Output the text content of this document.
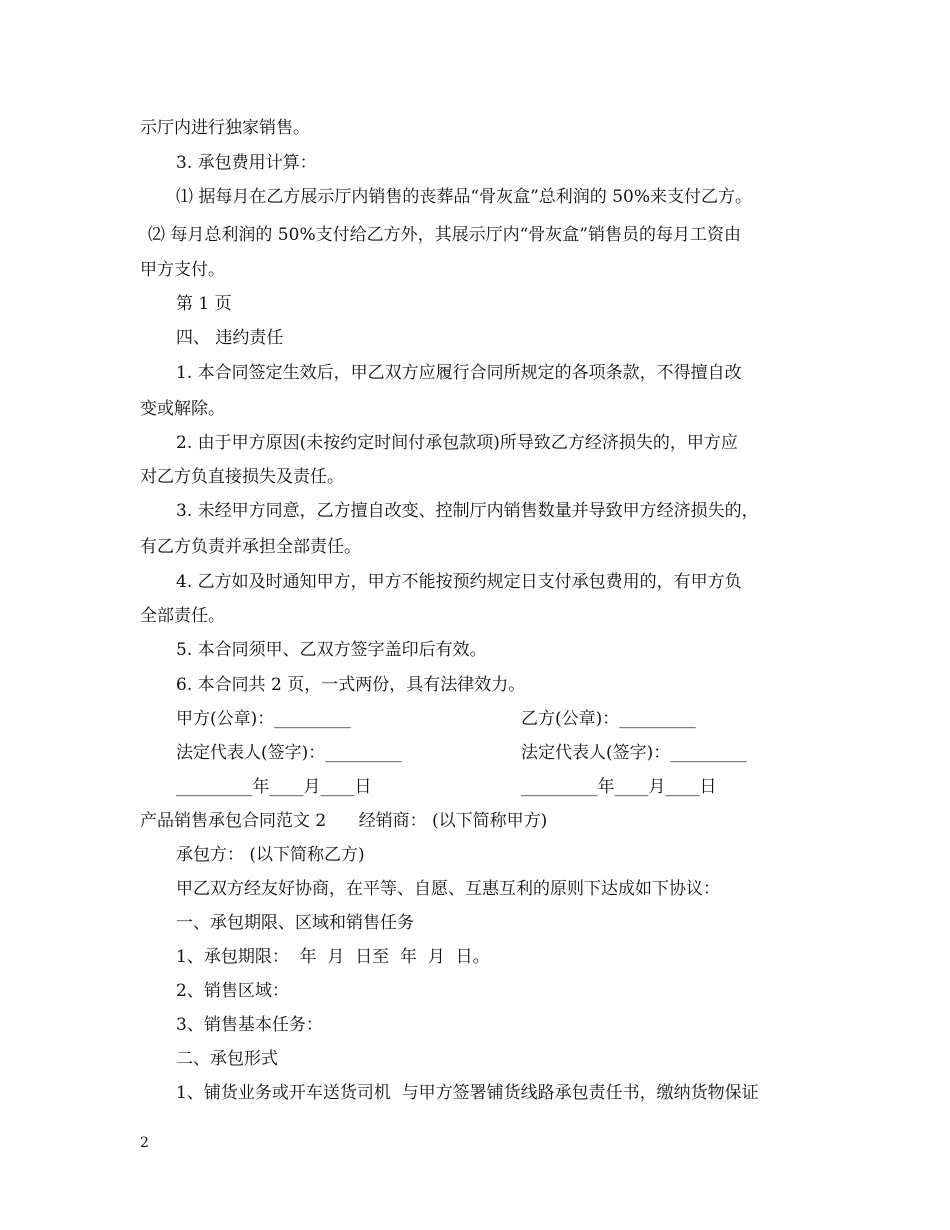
示厅内进行独家销售。
3. 承包费用计算：
⑴ 据每月在乙方展示厅内销售的丧葬品“骨灰盒”总利润的 50%来支付乙方。
⑵ 每月总利润的 50%支付给乙方外，其展示厅内“骨灰盒”销售员的每月工资由
甲方支付。
第 1 页
四、 违约责任
1. 本合同签定生效后，甲乙双方应履行合同所规定的各项条款，不得擅自改
变或解除。
2. 由于甲方原因(未按约定时间付承包款项)所导致乙方经济损失的，甲方应
对乙方负直接损失及责任。
3. 未经甲方同意，乙方擅自改变、控制厅内销售数量并导致甲方经济损失的，
有乙方负责并承担全部责任。
4. 乙方如及时通知甲方，甲方不能按预约规定日支付承包费用的，有甲方负
全部责任。
5. 本合同须甲、乙双方签字盖印后有效。
6. 本合同共 2 页，一式两份，具有法律效力。
甲方(公章)：_________	乙方(公章)：_________
法定代表人(签字)：_________	法定代表人(签字)：_________
_________年____月____日	_________年____月____日
产品销售承包合同范文 2      经销商： (以下简称甲方)
承包方： (以下简称乙方)
甲乙双方经友好协商，在平等、自愿、互惠互利的原则下达成如下协议：
一、承包期限、区域和销售任务
1、承包期限：  年  月  日至  年  月  日。
2、销售区域：
3、销售基本任务：
二、承包形式
1、铺货业务或开车送货司机  与甲方签署铺货线路承包责任书，缴纳货物保证
2
